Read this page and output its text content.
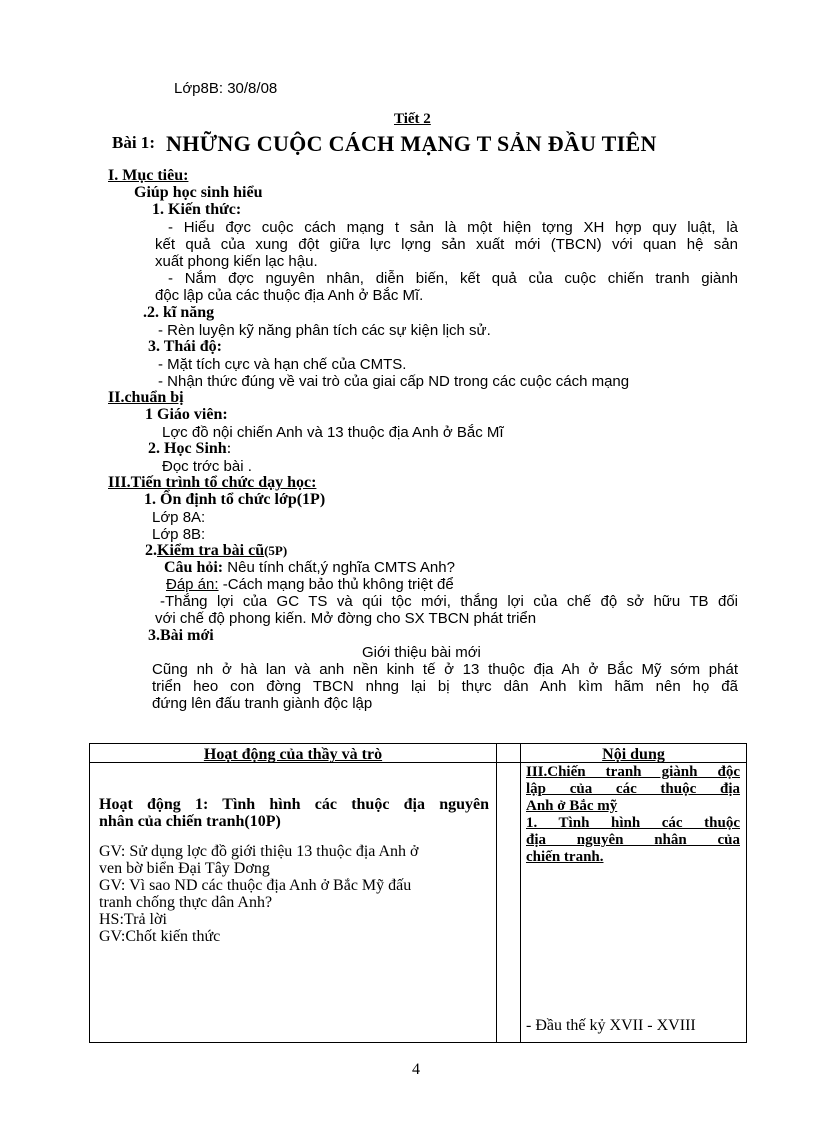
Lớp8B: 30/8/08
Tiết 2
Bài 1: NHỮNG CUỘC CÁCH MẠNG T SẢN ĐẦU TIÊN
I. Mục tiêu:
Giúp học sinh hiểu
1. Kiến thức:
- Hiểu đợc cuộc cách mạng t sản là một hiện tợng XH hợp quy luật, là
kết quả của xung đột giữa lực lợng sản xuất mới (TBCN) với quan hệ sản
xuất phong kiến lạc hậu.
- Nắm đợc nguyên nhân, diễn biến, kết quả của cuộc chiến tranh giành
độc lập của các thuộc địa Anh ở Bắc Mĩ.
.2. kĩ năng
- Rèn luyện kỹ năng phân tích các sự kiện lịch sử.
3. Thái độ:
- Mặt tích cực và hạn chế của CMTS.
- Nhận thức đúng về vai trò của giai cấp ND trong các cuộc cách mạng
II.chuẩn bị
1 Giáo viên:
Lợc đồ nội chiến Anh và 13 thuộc địa Anh ở Bắc Mĩ
2. Học Sinh:
Đọc trớc bài .
III.Tiến trình tổ chức dạy học:
1. Ổn định tổ chức lớp(1P)
Lớp 8A:
Lớp 8B:
2.Kiểm tra bài cũ(5P)
Câu hỏi: Nêu tính chất,ý nghĩa CMTS Anh?
Đáp án: -Cách mạng bảo thủ không triệt để
-Thắng lợi của GC TS và qúi tộc mới, thắng lợi của chế độ sở hữu TB đối
với chế độ phong kiến. Mở đờng cho SX TBCN phát triển
3.Bài mới
Giới thiệu bài mới
Cũng nh ở hà lan và anh nền kinh tế ở 13 thuộc địa Ah ở Bắc Mỹ sớm phát
triển heo con đờng TBCN nhng lại bị thực dân Anh kìm hãm nên họ đã
đứng lên đấu tranh giành độc lập
Hoạt động của thầy và trò	Nội dung
Hoạt động 1: Tình hình các thuộc địa nguyên
nhân của chiến tranh(10P)
GV: Sử dụng lợc đồ giới thiệu 13 thuộc địa Anh ở
ven bờ biển Đại Tây Dơng
GV: Vì sao ND các thuộc địa Anh ở Bắc Mỹ đấu
tranh chống thực dân Anh?
HS:Trả lời
GV:Chốt kiến thức
III.Chiến tranh giành độc
lập của các thuộc địa
Anh ở Bắc mỹ
1. Tình hình các thuộc
địa nguyên nhân của
chiến tranh.
- Đầu thế kỷ XVII - XVIII
4
